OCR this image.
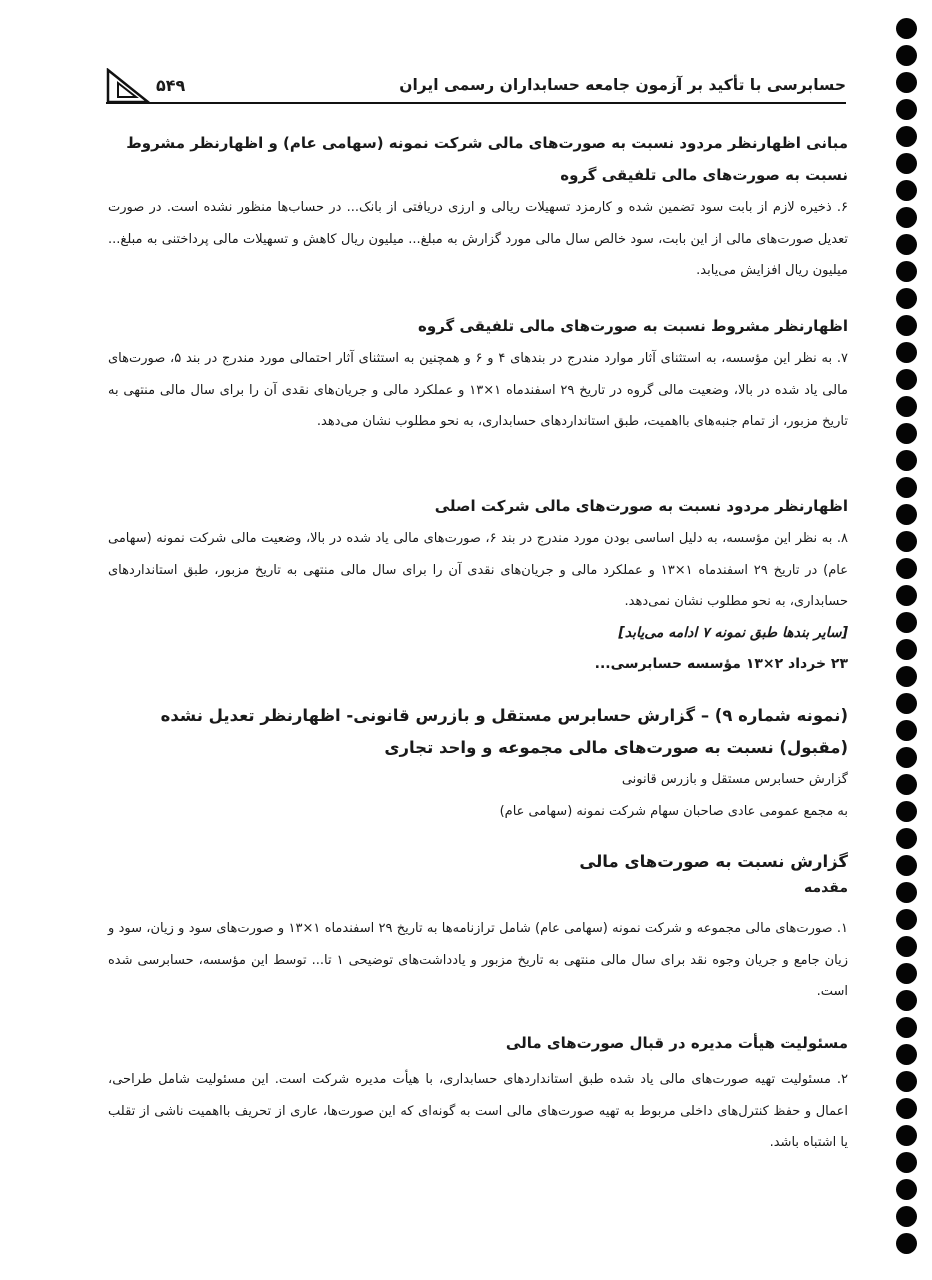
۵۴۹	حسابرسی با تأکید بر آزمون جامعه حسابداران رسمی ایران
مبانی اظهارنظر مردود نسبت به صورت‌های مالی شرکت نمونه (سهامی عام) و اظهارنظر مشروط نسبت به صورت‌های مالی تلفیقی گروه
۶. ذخیره لازم از بابت سود تضمین شده و کارمزد تسهیلات ریالی و ارزی دریافتی از بانک... در حساب‌ها منظور نشده است. در صورت تعدیل صورت‌های مالی از این بابت، سود خالص سال مالی مورد گزارش به مبلغ... میلیون ریال کاهش و تسهیلات مالی پرداختنی به مبلغ... میلیون ریال افزایش می‌یابد.
اظهارنظر مشروط نسبت به صورت‌های مالی تلفیقی گروه
۷. به نظر این مؤسسه، به استثنای آثار موارد مندرج در بندهای ۴ و ۶ و همچنین به استثنای آثار احتمالی مورد مندرج در بند ۵، صورت‌های مالی یاد شده در بالا، وضعیت مالی گروه در تاریخ ۲۹ اسفندماه ۱×۱۳ و عملکرد مالی و جریان‌های نقدی آن را برای سال مالی منتهی به تاریخ مزبور، از تمام جنبه‌های بااهمیت، طبق استانداردهای حسابداری، به نحو مطلوب نشان می‌دهد.
اظهارنظر مردود نسبت به صورت‌های مالی شرکت اصلی
۸. به نظر این مؤسسه، به دلیل اساسی بودن مورد مندرج در بند ۶، صورت‌های مالی یاد شده در بالا، وضعیت مالی شرکت نمونه (سهامی عام) در تاریخ ۲۹ اسفندماه ۱×۱۳ و عملکرد مالی و جریان‌های نقدی آن را برای سال مالی منتهی به تاریخ مزبور، طبق استانداردهای حسابداری، به نحو مطلوب نشان نمی‌دهد.
[سایر بندها طبق نمونه ۷ ادامه می‌یابد]
۲۳ خرداد ۲×۱۳ مؤسسه حسابرسی...
(نمونه شماره ۹) – گزارش حسابرس مستقل و بازرس قانونی- اظهارنظر تعدیل نشده (مقبول) نسبت به صورت‌های مالی مجموعه و واحد تجاری
گزارش حسابرس مستقل و بازرس قانونی
به مجمع عمومی عادی صاحبان سهام شرکت نمونه (سهامی عام)
گزارش نسبت به صورت‌های مالی
مقدمه
۱. صورت‌های مالی مجموعه و شرکت نمونه (سهامی عام) شامل ترازنامه‌ها به تاریخ ۲۹ اسفندماه ۱×۱۳ و صورت‌های سود و زیان، سود و زیان جامع و جریان وجوه نقد برای سال مالی منتهی به تاریخ مزبور و یادداشت‌های توضیحی ۱ تا... توسط این مؤسسه، حسابرسی شده است.
مسئولیت هیأت مدیره در قبال صورت‌های مالی
۲. مسئولیت تهیه صورت‌های مالی یاد شده طبق استانداردهای حسابداری، با هیأت مدیره شرکت است. این مسئولیت شامل طراحی، اعمال و حفظ کنترل‌های داخلی مربوط به تهیه صورت‌های مالی است به گونه‌ای که این صورت‌ها، عاری از تحریف بااهمیت ناشی از تقلب یا اشتباه باشد.
